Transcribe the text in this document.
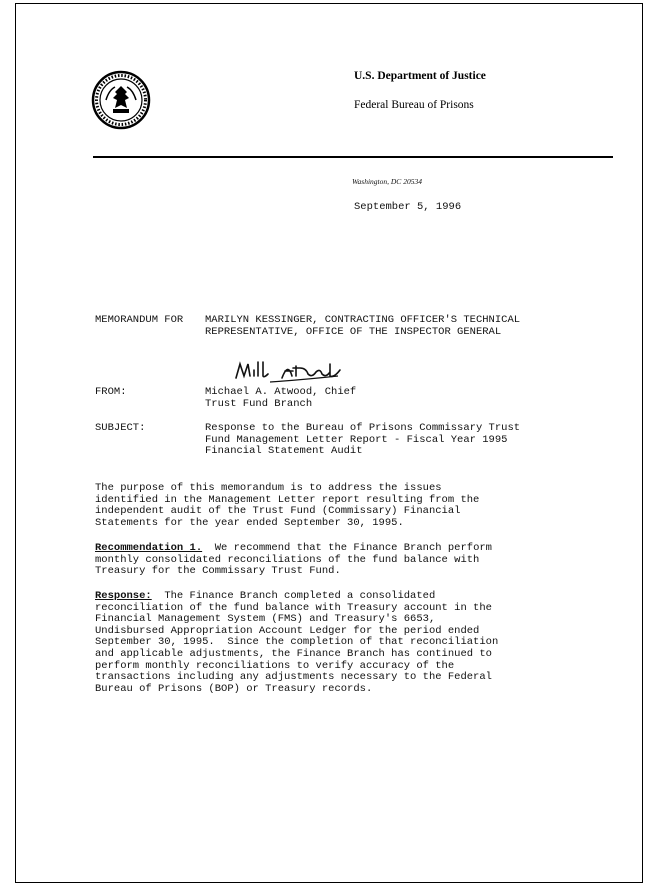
U.S. Department of Justice
Federal Bureau of Prisons
Washington, DC 20534
September 5, 1996
MEMORANDUM FOR MARILYN KESSINGER, CONTRACTING OFFICER'S TECHNICAL
REPRESENTATIVE, OFFICE OF THE INSPECTOR GENERAL
FROM:	Michael A. Atwood, Chief
Trust Fund Branch
SUBJECT:	Response to the Bureau of Prisons Commissary Trust
Fund Management Letter Report - Fiscal Year 1995
Financial Statement Audit
The purpose of this memorandum is to address the issues
identified in the Management Letter report resulting from the
independent audit of the Trust Fund (Commissary) Financial
Statements for the year ended September 30, 1995.
Recommendation 1.  We recommend that the Finance Branch perform
monthly consolidated reconciliations of the fund balance with
Treasury for the Commissary Trust Fund.
Response:  The Finance Branch completed a consolidated
reconciliation of the fund balance with Treasury account in the
Financial Management System (FMS) and Treasury's 6653,
Undisbursed Appropriation Account Ledger for the period ended
September 30, 1995.  Since the completion of that reconciliation
and applicable adjustments, the Finance Branch has continued to
perform monthly reconciliations to verify accuracy of the
transactions including any adjustments necessary to the Federal
Bureau of Prisons (BOP) or Treasury records.
